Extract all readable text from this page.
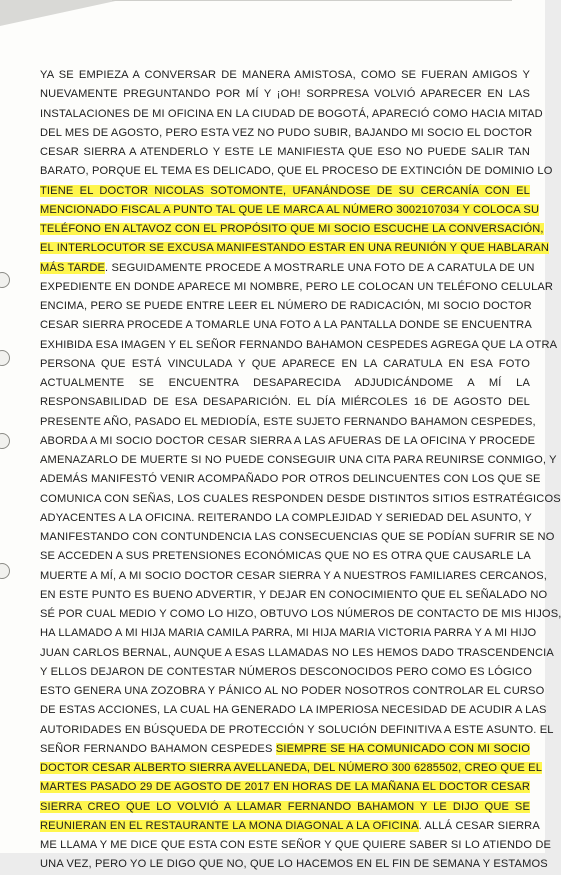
YA SE EMPIEZA A CONVERSAR DE MANERA AMISTOSA, COMO SE FUERAN AMIGOS Y
NUEVAMENTE PREGUNTANDO POR MÍ Y ¡OH! SORPRESA VOLVIÓ APARECER EN LAS
INSTALACIONES DE MI OFICINA EN LA CIUDAD DE BOGOTÁ, APARECIÓ COMO HACIA MITAD
DEL MES DE AGOSTO, PERO ESTA VEZ NO PUDO SUBIR, BAJANDO MI SOCIO EL DOCTOR
CESAR SIERRA A ATENDERLO Y ESTE LE MANIFIESTA QUE ESO NO PUEDE SALIR TAN
BARATO, PORQUE EL TEMA ES DELICADO, QUE EL PROCESO DE EXTINCIÓN DE DOMINIO LO
TIENE EL DOCTOR NICOLAS SOTOMONTE, UFANÁNDOSE DE SU CERCANÍA CON EL
MENCIONADO FISCAL A PUNTO TAL QUE LE MARCA AL NÚMERO 3002107034 Y COLOCA SU
TELÉFONO EN ALTAVOZ CON EL PROPÓSITO QUE MI SOCIO ESCUCHE LA CONVERSACIÓN,
EL INTERLOCUTOR SE EXCUSA MANIFESTANDO ESTAR EN UNA REUNIÓN Y QUE HABLARAN
MÁS TARDE. SEGUIDAMENTE PROCEDE A MOSTRARLE UNA FOTO DE A CARATULA DE UN
EXPEDIENTE EN DONDE APARECE MI NOMBRE, PERO LE COLOCAN UN TELÉFONO CELULAR
ENCIMA, PERO SE PUEDE ENTRE LEER EL NÚMERO DE RADICACIÓN, MI SOCIO DOCTOR
CESAR SIERRA PROCEDE A TOMARLE UNA FOTO A LA PANTALLA DONDE SE ENCUENTRA
EXHIBIDA ESA IMAGEN Y EL SEÑOR FERNANDO BAHAMON CESPEDES AGREGA QUE LA OTRA
PERSONA QUE ESTÁ VINCULADA Y QUE APARECE EN LA CARATULA EN ESA FOTO
ACTUALMENTE SE ENCUENTRA DESAPARECIDA ADJUDICÁNDOME A MÍ LA
RESPONSABILIDAD DE ESA DESAPARICIÓN. EL DÍA MIÉRCOLES 16 DE AGOSTO DEL
PRESENTE AÑO, PASADO EL MEDIODÍA, ESTE SUJETO FERNANDO BAHAMON CESPEDES,
ABORDA A MI SOCIO DOCTOR CESAR SIERRA A LAS AFUERAS DE LA OFICINA Y PROCEDE
AMENAZARLO DE MUERTE SI NO PUEDE CONSEGUIR UNA CITA PARA REUNIRSE CONMIGO, Y
ADEMÁS MANIFESTÓ VENIR ACOMPAÑADO POR OTROS DELINCUENTES CON LOS QUE SE
COMUNICA CON SEÑAS, LOS CUALES RESPONDEN DESDE DISTINTOS SITIOS ESTRATÉGICOS
ADYACENTES A LA OFICINA. REITERANDO LA COMPLEJIDAD Y SERIEDAD DEL ASUNTO, Y
MANIFESTANDO CON CONTUNDENCIA LAS CONSECUENCIAS QUE SE PODÍAN SUFRIR SE NO
SE ACCEDEN A SUS PRETENSIONES ECONÓMICAS QUE NO ES OTRA QUE CAUSARLE LA
MUERTE A MÍ, A MI SOCIO DOCTOR CESAR SIERRA Y A NUESTROS FAMILIARES CERCANOS,
EN ESTE PUNTO ES BUENO ADVERTIR, Y DEJAR EN CONOCIMIENTO QUE EL SEÑALADO NO
SÉ POR CUAL MEDIO Y COMO LO HIZO, OBTUVO LOS NÚMEROS DE CONTACTO DE MIS HIJOS,
HA LLAMADO A MI HIJA MARIA CAMILA PARRA, MI HIJA MARIA VICTORIA PARRA Y A MI HIJO
JUAN CARLOS BERNAL, AUNQUE A ESAS LLAMADAS NO LES HEMOS DADO TRASCENDENCIA
Y ELLOS DEJARON DE CONTESTAR NÚMEROS DESCONOCIDOS PERO COMO ES LÓGICO
ESTO GENERA UNA ZOZOBRA Y PÁNICO AL NO PODER NOSOTROS CONTROLAR EL CURSO
DE ESTAS ACCIONES, LA CUAL HA GENERADO LA IMPERIOSA NECESIDAD DE ACUDIR A LAS
AUTORIDADES EN BÚSQUEDA DE PROTECCIÓN Y SOLUCIÓN DEFINITIVA A ESTE ASUNTO. EL
SEÑOR FERNANDO BAHAMON CESPEDES SIEMPRE SE HA COMUNICADO CON MI SOCIO
DOCTOR CESAR ALBERTO SIERRA AVELLANEDA, DEL NÚMERO 300 6285502, CREO QUE EL
MARTES PASADO 29 DE AGOSTO DE 2017 EN HORAS DE LA MAÑANA EL DOCTOR CESAR
SIERRA CREO QUE LO VOLVIÓ A LLAMAR FERNANDO BAHAMON Y LE DIJO QUE SE
REUNIERAN EN EL RESTAURANTE LA MONA DIAGONAL A LA OFICINA. ALLÁ CESAR SIERRA
ME LLAMA Y ME DICE QUE ESTA CON ESTE SEÑOR Y QUE QUIERE SABER SI LO ATIENDO DE
UNA VEZ, PERO YO LE DIGO QUE NO, QUE LO HACEMOS EN EL FIN DE SEMANA Y ESTAMOS
